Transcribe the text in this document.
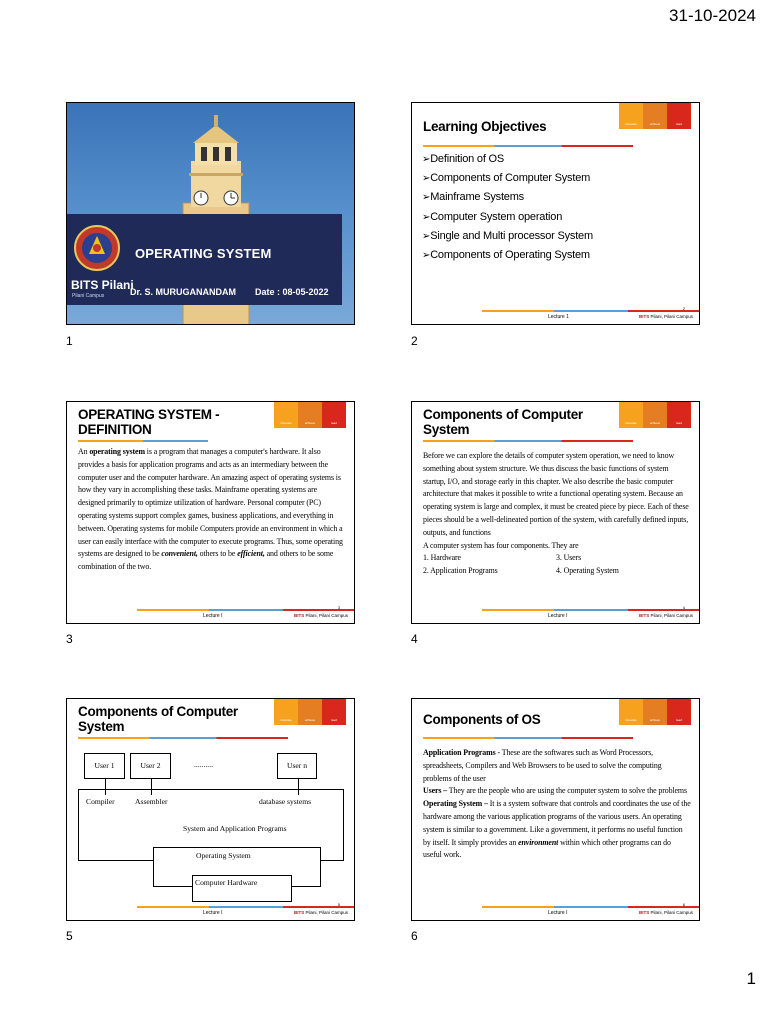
31-10-2024
OPERATING SYSTEM
BITS Pilani
Pilani Campus	Dr. S. MURUGANANDAM Date : 08-05-2022
1
Learning Objectives	innovate	achieve	lead
➢ Definition of OS
➢ Components of Computer System
➢ Mainframe Systems
➢ Computer System operation
➢ Single and Multi processor System
➢ Components of Operating System
2
Lecture 1	BITS Pilani, Pilani Campus
2
OPERATING SYSTEM - DEFINITION	innovate	achieve	lead

An operating system is a program that manages a computer's hardware. It also provides a basis for application programs and acts as an intermediary between the computer user and the computer hardware. An amazing aspect of operating systems is how they vary in accomplishing these tasks. Mainframe operating systems are designed primarily to optimize utilization of hardware. Personal computer (PC) operating systems support complex games, business applications, and everything in between. Operating systems for mobile Computers provide an environment in which a user can easily interface with the computer to execute programs. Thus, some operating systems are designed to be convenient, others to be efficient, and others to be some combination of the two.

3
Lecture I	BITS Pilani, Pilani Campus
3
Components of Computer System	innovate	achieve	lead

Before we can explore the details of computer system operation, we need to know something about system structure. We thus discuss the basic functions of system startup, I/O, and storage early in this chapter. We also describe the basic computer architecture that makes it possible to write a functional operating system. Because an operating system is large and complex, it must be created piece by piece. Each of these pieces should be a well-delineated portion of the system, with carefully defined inputs, outputs, and functions

A computer system has four components. They are

1. Hardware	3. Users
2. Application Programs	4. Operating System
4
Lecture I	BITS Pilani, Pilani Campus
4
Components of Computer System	innovate	achieve	lead
User 1	User 2	..........	User n
Compiler	Assembler	database systems
System and Application Programs
Operating System
Computer Hardware
5
Lecture I	BITS Pilani, Pilani Campus
5
Components of OS	innovate	achieve	lead

Application Programs - These are the softwares such as Word Processors, spreadsheets, Compilers and Web Browsers to be used to solve the computing problems of the user

Users – They are the people who are using the computer system to solve the problems

Operating System – It is a system software that controls and coordinates the use of the hardware among the various application programs of the various users. An operating system is similar to a government. Like a government, it performs no useful function by itself. It simply provides an environment within which other programs can do useful work.

6
Lecture I	BITS Pilani, Pilani Campus
6
1
